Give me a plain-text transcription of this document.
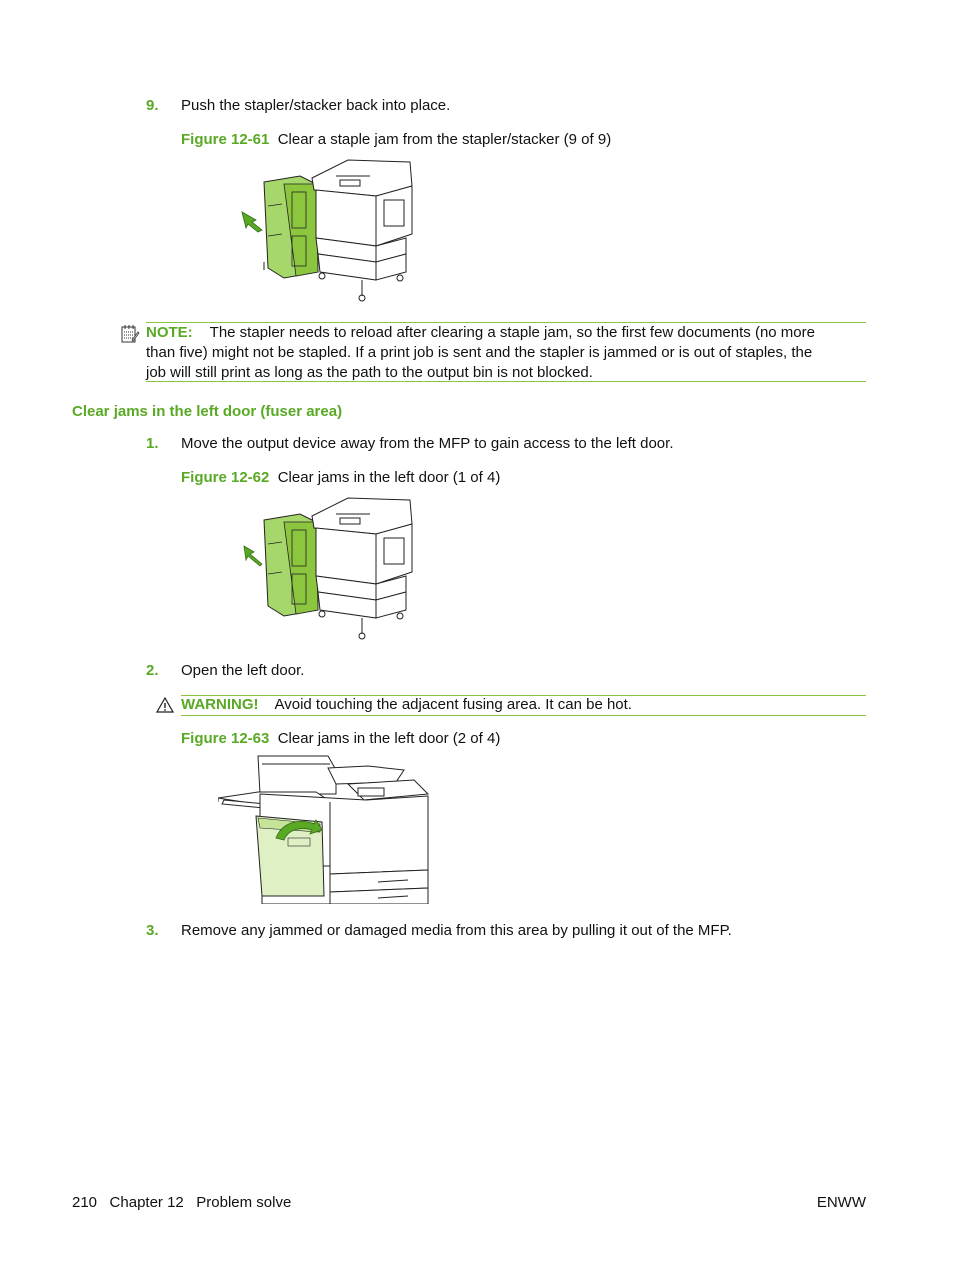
9. Push the stapler/stacker back into place.
Figure 12-61 Clear a staple jam from the stapler/stacker (9 of 9)
NOTE: The stapler needs to reload after clearing a staple jam, so the first few documents (no more
than five) might not be stapled. If a print job is sent and the stapler is jammed or is out of staples, the
job will still print as long as the path to the output bin is not blocked.
Clear jams in the left door (fuser area)
1. Move the output device away from the MFP to gain access to the left door.
Figure 12-62 Clear jams in the left door (1 of 4)
2. Open the left door.
WARNING! Avoid touching the adjacent fusing area. It can be hot.
Figure 12-63 Clear jams in the left door (2 of 4)
3. Remove any jammed or damaged media from this area by pulling it out of the MFP.
210 Chapter 12 Problem solve	ENWW
